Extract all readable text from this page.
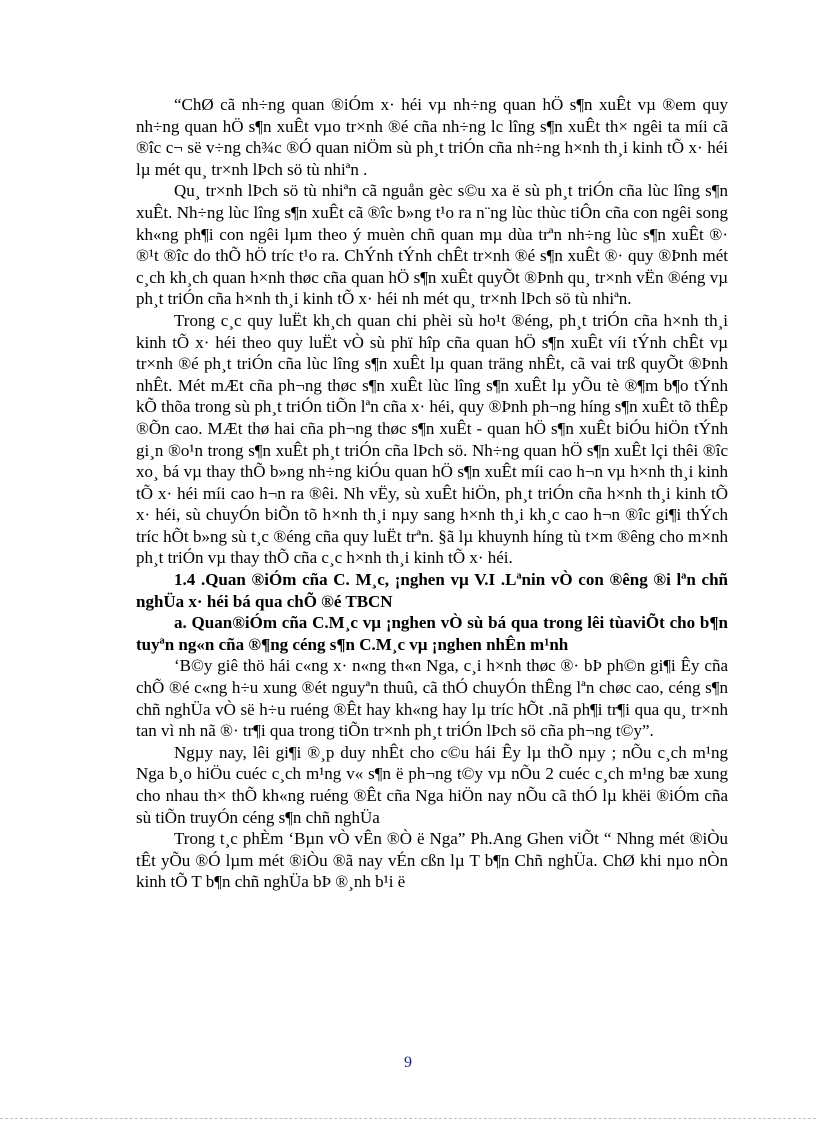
“ChØ cã nh÷ng quan ®iÓm x· héi vµ nh÷ng quan hÖ s¶n xuÊt vµ ®em quy nh÷ng quan hÖ s¶n xuÊt vµo tr×nh ®é cña nh÷ng lc lîng s¶n xuÊt th× ngêi ta míi cã ®îc c¬ së v÷ng ch¾c ®Ó quan niÖm sù ph¸t triÓn cña nh÷ng h×nh th¸i kinh tÕ x· héi lµ mét qu¸ tr×nh lÞch sö tù nhiªn .

Qu¸ tr×nh lÞch sö tù nhiªn cã nguån gèc s©u xa ë sù ph¸t triÓn cña lùc lîng s¶n xuÊt. Nh÷ng lùc lîng s¶n xuÊt cã ®îc b»ng t¹o ra n¨ng lùc thùc tiÔn cña con ngêi song kh«ng ph¶i con ngêi lµm theo ý muèn chñ quan mµ dùa trªn nh÷ng lùc s¶n xuÊt ®· ®¹t ®îc do thÕ hÖ tríc t¹o ra. ChÝnh tÝnh chÊt tr×nh ®é s¶n xuÊt ®· quy ®Þnh mét c¸ch kh¸ch quan h×nh thøc cña quan hÖ s¶n xuÊt quyÕt ®Þnh qu¸ tr×nh vËn ®éng vµ ph¸t triÓn cña h×nh th¸i kinh tÕ x· héi nh mét qu¸ tr×nh lÞch sö tù nhiªn.

Trong c¸c quy luËt kh¸ch quan chi phèi sù ho¹t ®éng, ph¸t triÓn cña h×nh th¸i kinh tÕ x· héi theo quy luËt vÒ sù phï hîp cña quan hÖ s¶n xuÊt víi tÝnh chÊt vµ tr×nh ®é ph¸t triÓn cña lùc lîng s¶n xuÊt lµ quan träng nhÊt, cã vai trß quyÕt ®Þnh nhÊt. Mét mÆt cña ph¬ng thøc s¶n xuÊt lùc lîng s¶n xuÊt lµ yÕu tè ®¶m b¶o tÝnh kÕ thõa trong sù ph¸t triÓn tiÕn lªn cña x· héi, quy ®Þnh ph¬ng híng s¶n xuÊt tõ thÊp ®Õn cao. MÆt thø hai cña ph¬ng thøc s¶n xuÊt - quan hÖ s¶n xuÊt biÓu hiÖn tÝnh gi¸n ®o¹n trong s¶n xuÊt ph¸t triÓn cña lÞch sö. Nh÷ng quan hÖ s¶n xuÊt lçi thêi ®îc xo¸ bá vµ thay thÕ b»ng nh÷ng kiÓu quan hÖ s¶n xuÊt míi cao h¬n vµ h×nh th¸i kinh tÕ x· héi míi cao h¬n ra ®êi. Nh vËy, sù xuÊt hiÖn, ph¸t triÓn cña h×nh th¸i kinh tÕ x· héi, sù chuyÓn biÕn tõ h×nh th¸i nµy sang h×nh th¸i kh¸c cao h¬n ®îc gi¶i thÝch tríc hÕt b»ng sù t¸c ®éng cña quy luËt trªn. §ã lµ khuynh híng tù t×m ®êng cho m×nh ph¸t triÓn vµ thay thÕ cña c¸c h×nh th¸i kinh tÕ x· héi.

1.4 .Quan ®iÓm cña C. M¸c, ¡nghen vµ V.I .Lªnin vÒ con ®êng ®i lªn chñ nghÜa x· héi bá qua chÕ ®é TBCN

a. Quan®iÓm cña C.M¸c vµ ¡nghen vÒ sù bá qua trong lêi tùaviÕt cho b¶n tuyªn ng«n cña ®¶ng céng s¶n C.M¸c vµ ¡nghen nhÊn m¹nh

‘B©y giê thö hái c«ng x· n«ng th«n Nga, c¸i h×nh thøc ®· bÞ ph©n gi¶i Êy cña chÕ ®é c«ng h÷u xung ®ét nguyªn thuû, cã thÓ chuyÓn thÊng lªn chøc cao, céng s¶n chñ nghÜa vÒ së h÷u ruéng ®Êt hay kh«ng hay lµ tríc hÕt .nã ph¶i tr¶i qua qu¸ tr×nh tan vì nh nã ®· tr¶i qua trong tiÕn tr×nh ph¸t triÓn lÞch sö cña ph¬ng t©y”.

Ngµy nay, lêi gi¶i ®¸p duy nhÊt cho c©u hái Êy lµ thÕ nµy ; nÕu c¸ch m¹ng Nga b¸o hiÖu cuéc c¸ch m¹ng v« s¶n ë ph¬ng t©y vµ nÕu 2 cuéc c¸ch m¹ng bæ xung cho nhau th× thÕ kh«ng ruéng ®Êt cña Nga hiÖn nay nÕu cã thÓ lµ khëi ®iÓm cña sù tiÕn truyÓn céng s¶n chñ nghÜa

Trong t¸c phÈm ‘Bµn vÒ vÊn ®Ò ë Nga” Ph.Ang Ghen viÕt “ Nhng mét ®iÒu tÊt yÕu ®Ó lµm mét ®iÒu ®ã nay vÉn cßn lµ T b¶n Chñ nghÜa. ChØ khi nµo nÒn kinh tÕ T b¶n chñ nghÜa bÞ ®¸nh b¹i ë

9
